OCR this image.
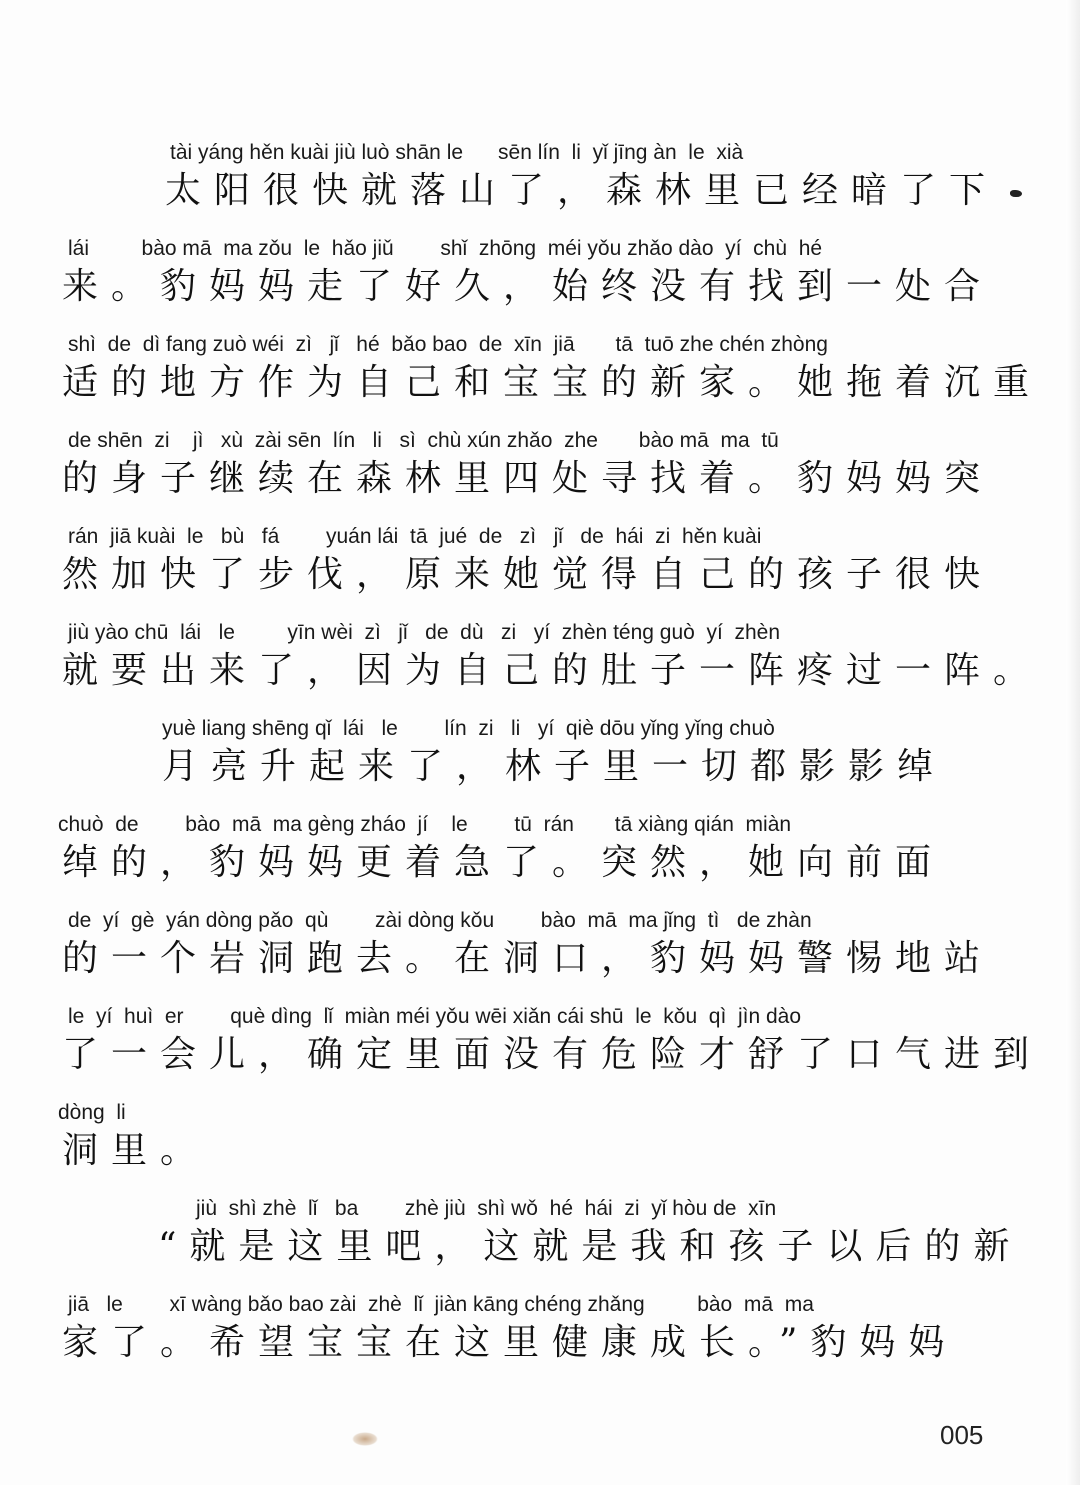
tài yáng hěn kuài jiù luò shān le      sēn lín  li  yǐ jīng àn  le  xià
太阳很快就落山了，森林里已经暗了下
lái         bào mā  ma zǒu  le  hǎo jiǔ        shǐ  zhōng  méi yǒu zhǎo dào  yí  chù  hé
来。豹妈妈走了好久，始终没有找到一处合
shì  de  dì fang zuò wéi  zì   jǐ   hé  bǎo bao  de  xīn  jiā       tā  tuō zhe chén zhòng
适的地方作为自己和宝宝的新家。她拖着沉重
de shēn  zi    jì   xù  zài sēn  lín   li   sì  chù xún zhǎo  zhe       bào mā  ma  tū
的身子继续在森林里四处寻找着。豹妈妈突
rán  jiā kuài  le   bù   fá        yuán lái  tā  jué  de   zì   jǐ   de  hái  zi  hěn kuài
然加快了步伐，原来她觉得自己的孩子很快
jiù yào chū  lái   le         yīn wèi  zì   jǐ   de  dù   zi   yí  zhèn téng guò  yí  zhèn
就要出来了，因为自己的肚子一阵疼过一阵。
yuè liang shēng qǐ  lái   le        lín  zi   li   yí  qiè dōu yǐng yǐng chuò
月亮升起来了，林子里一切都影影绰
chuò  de        bào  mā  ma gèng zháo  jí    le        tū  rán       tā xiàng qián  miàn
绰的，豹妈妈更着急了。突然，她向前面
de  yí  gè  yán dòng pǎo  qù        zài dòng kǒu        bào  mā  ma jǐng  tì   de zhàn
的一个岩洞跑去。在洞口，豹妈妈警惕地站
le  yí  huì  er        què dìng  lǐ  miàn méi yǒu wēi xiǎn cái shū  le  kǒu  qì  jìn dào
了一会儿，确定里面没有危险才舒了口气进到
dòng  li
洞里。
jiù  shì zhè  lǐ   ba        zhè jiù  shì wǒ  hé  hái  zi  yǐ hòu de  xīn
“就是这里吧，这就是我和孩子以后的新
jiā   le        xī wàng bǎo bao zài  zhè  lǐ  jiàn kāng chéng zhǎng         bào  mā  ma
家了。希望宝宝在这里健康成长。”豹妈妈
005
